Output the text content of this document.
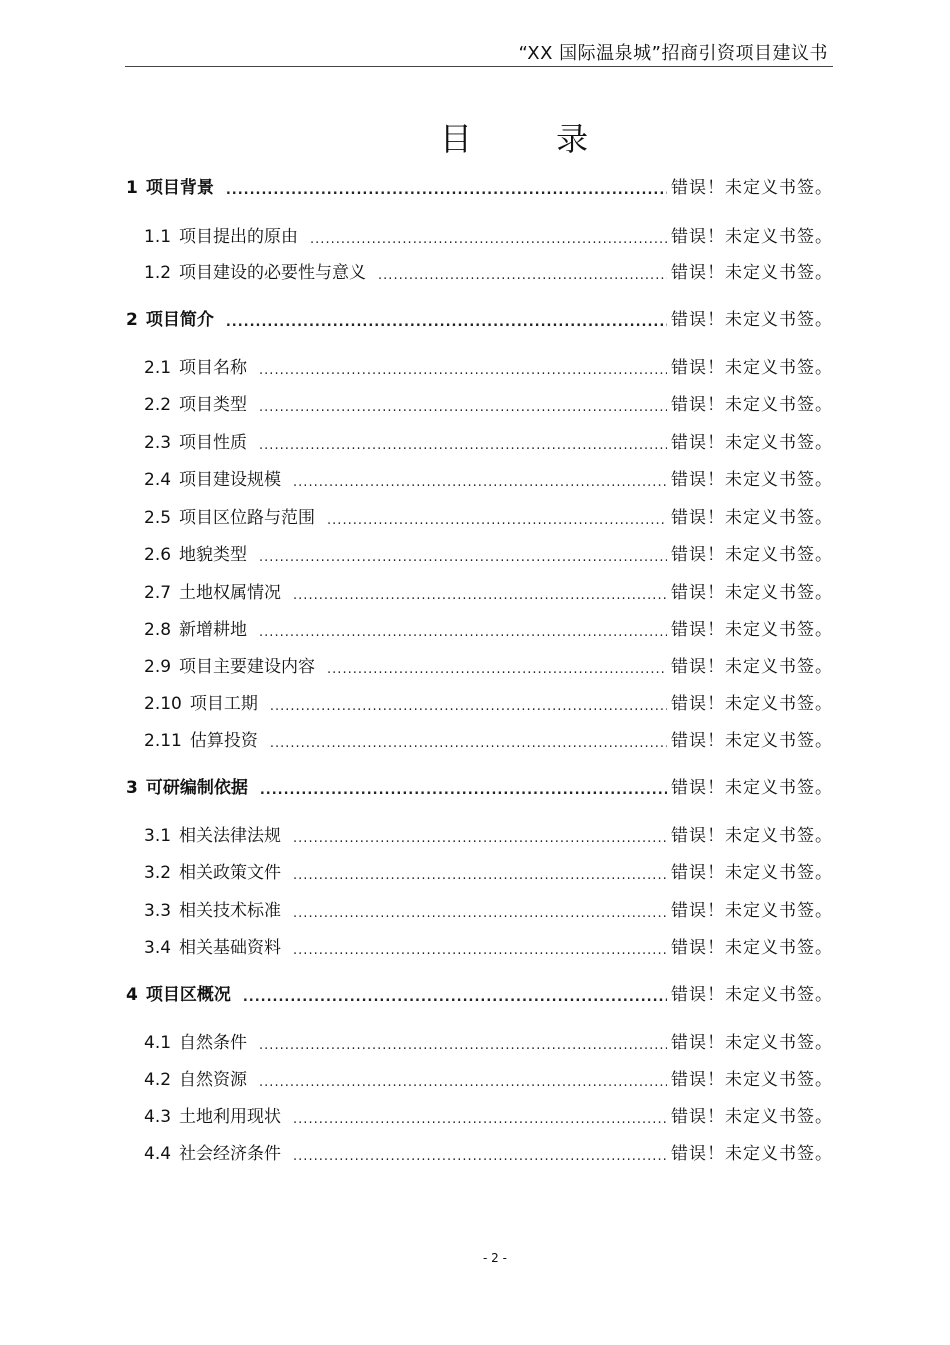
“XX 国际温泉城”招商引资项目建议书
目 录
1 项目背景 .....	错误！未定义书签。
1.1 项目提出的原由 .....	错误！未定义书签。
1.2 项目建设的必要性与意义 .....	错误！未定义书签。
2 项目简介 .....	错误！未定义书签。
2.1 项目名称 .....	错误！未定义书签。
2.2 项目类型 .....	错误！未定义书签。
2.3 项目性质 .....	错误！未定义书签。
2.4 项目建设规模 .....	错误！未定义书签。
2.5 项目区位路与范围 .....	错误！未定义书签。
2.6 地貌类型 .....	错误！未定义书签。
2.7 土地权属情况 .....	错误！未定义书签。
2.8 新增耕地 .....	错误！未定义书签。
2.9 项目主要建设内容 .....	错误！未定义书签。
2.10 项目工期 .....	错误！未定义书签。
2.11 估算投资 .....	错误！未定义书签。
3 可研编制依据 .....	错误！未定义书签。
3.1 相关法律法规 .....	错误！未定义书签。
3.2 相关政策文件 .....	错误！未定义书签。
3.3 相关技术标准 .....	错误！未定义书签。
3.4 相关基础资料 .....	错误！未定义书签。
4 项目区概况 .....	错误！未定义书签。
4.1 自然条件 .....	错误！未定义书签。
4.2 自然资源 .....	错误！未定义书签。
4.3 土地利用现状 .....	错误！未定义书签。
4.4 社会经济条件 .....	错误！未定义书签。
- 2 -
